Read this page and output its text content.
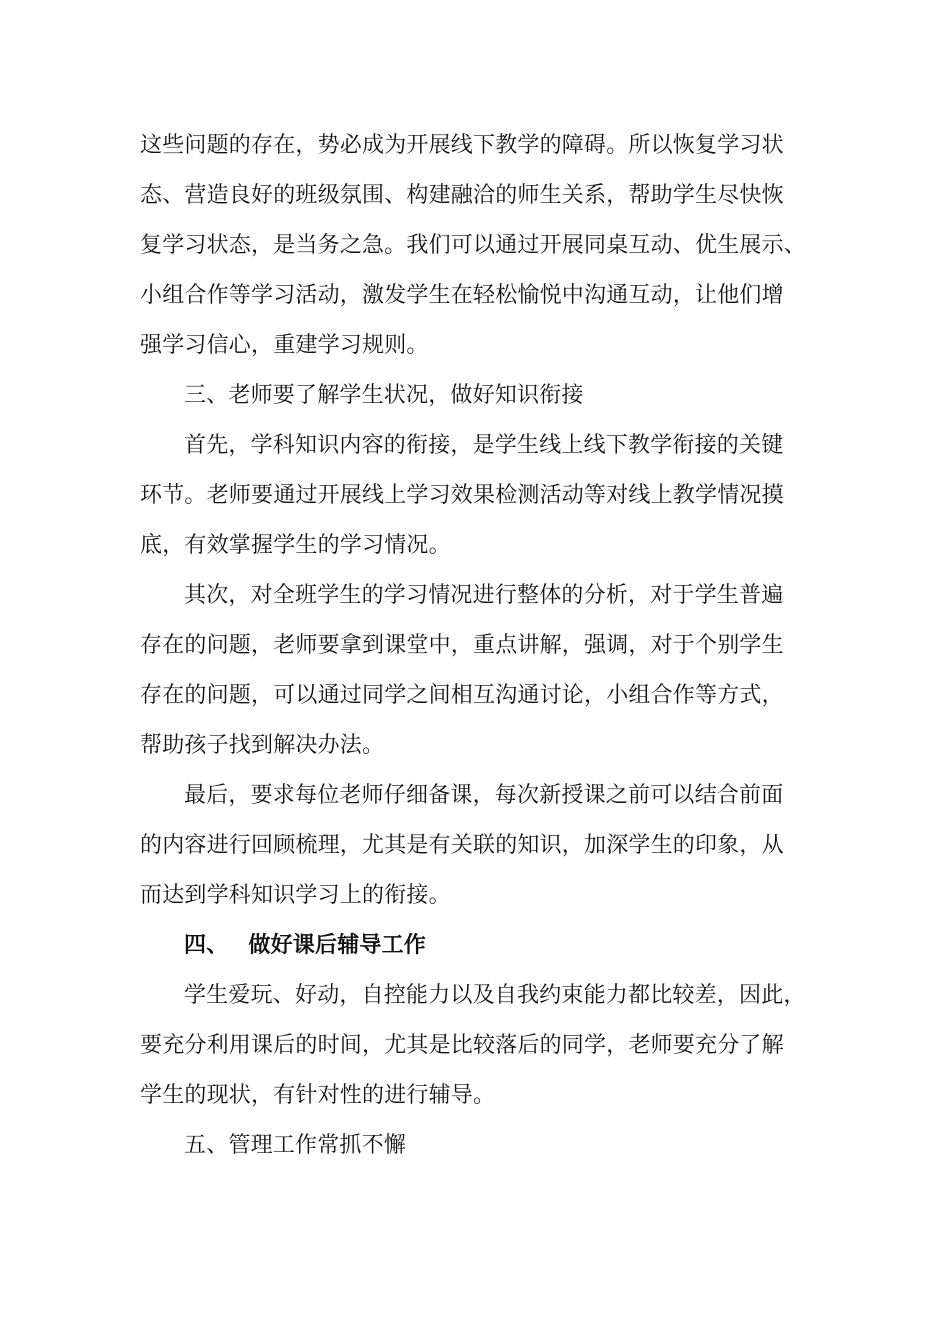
这些问题的存在，势必成为开展线下教学的障碍。所以恢复学习状
态、营造良好的班级氛围、构建融洽的师生关系，帮助学生尽快恢
复学习状态，是当务之急。我们可以通过开展同桌互动、优生展示、
小组合作等学习活动，激发学生在轻松愉悦中沟通互动，让他们增
强学习信心，重建学习规则。
三、老师要了解学生状况，做好知识衔接
首先，学科知识内容的衔接，是学生线上线下教学衔接的关键
环节。老师要通过开展线上学习效果检测活动等对线上教学情况摸
底，有效掌握学生的学习情况。
其次，对全班学生的学习情况进行整体的分析，对于学生普遍
存在的问题，老师要拿到课堂中，重点讲解，强调，对于个别学生
存在的问题，可以通过同学之间相互沟通讨论，小组合作等方式，
帮助孩子找到解决办法。
最后，要求每位老师仔细备课，每次新授课之前可以结合前面
的内容进行回顾梳理，尤其是有关联的知识，加深学生的印象，从
而达到学科知识学习上的衔接。
四、 做好课后辅导工作
学生爱玩、好动，自控能力以及自我约束能力都比较差，因此，
要充分利用课后的时间，尤其是比较落后的同学，老师要充分了解
学生的现状，有针对性的进行辅导。
五、管理工作常抓不懈
